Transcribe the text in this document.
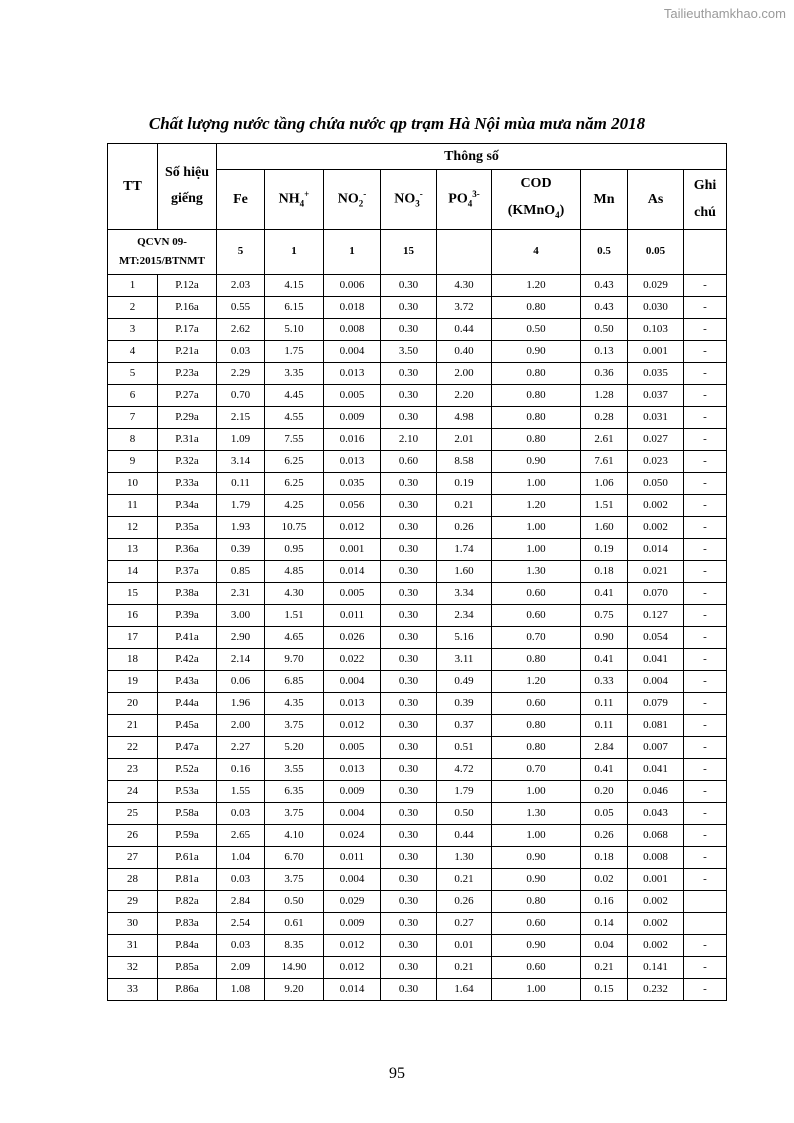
Tailieuthamkhao.com
Chất lượng nước tầng chứa nước qp trạm Hà Nội mùa mưa năm 2018
TT	Số hiệu giếng	Thông số								
		Fe	$NH_4^+$	$NO_2^-$	$NO_3^-$	$PO_4^{3-}$	COD
(KMnO$_4$)	Mn	As	Ghi chú
QCVN 09-MT:2015/BTNMT		5	1	1	15		4	0.5	0.05	
1	P.12a	2.03	4.15	0.006	0.30	4.30	1.20	0.43	0.029	-
2	P.16a	0.55	6.15	0.018	0.30	3.72	0.80	0.43	0.030	-
3	P.17a	2.62	5.10	0.008	0.30	0.44	0.50	0.50	0.103	-
4	P.21a	0.03	1.75	0.004	3.50	0.40	0.90	0.13	0.001	-
5	P.23a	2.29	3.35	0.013	0.30	2.00	0.80	0.36	0.035	-
6	P.27a	0.70	4.45	0.005	0.30	2.20	0.80	1.28	0.037	-
7	P.29a	2.15	4.55	0.009	0.30	4.98	0.80	0.28	0.031	-
8	P.31a	1.09	7.55	0.016	2.10	2.01	0.80	2.61	0.027	-
9	P.32a	3.14	6.25	0.013	0.60	8.58	0.90	7.61	0.023	-
10	P.33a	0.11	6.25	0.035	0.30	0.19	1.00	1.06	0.050	-
11	P.34a	1.79	4.25	0.056	0.30	0.21	1.20	1.51	0.002	-
12	P.35a	1.93	10.75	0.012	0.30	0.26	1.00	1.60	0.002	-
13	P.36a	0.39	0.95	0.001	0.30	1.74	1.00	0.19	0.014	-
14	P.37a	0.85	4.85	0.014	0.30	1.60	1.30	0.18	0.021	-
15	P.38a	2.31	4.30	0.005	0.30	3.34	0.60	0.41	0.070	-
16	P.39a	3.00	1.51	0.011	0.30	2.34	0.60	0.75	0.127	-
17	P.41a	2.90	4.65	0.026	0.30	5.16	0.70	0.90	0.054	-
18	P.42a	2.14	9.70	0.022	0.30	3.11	0.80	0.41	0.041	-
19	P.43a	0.06	6.85	0.004	0.30	0.49	1.20	0.33	0.004	-
20	P.44a	1.96	4.35	0.013	0.30	0.39	0.60	0.11	0.079	-
21	P.45a	2.00	3.75	0.012	0.30	0.37	0.80	0.11	0.081	-
22	P.47a	2.27	5.20	0.005	0.30	0.51	0.80	2.84	0.007	-
23	P.52a	0.16	3.55	0.013	0.30	4.72	0.70	0.41	0.041	-
24	P.53a	1.55	6.35	0.009	0.30	1.79	1.00	0.20	0.046	-
25	P.58a	0.03	3.75	0.004	0.30	0.50	1.30	0.05	0.043	-
26	P.59a	2.65	4.10	0.024	0.30	0.44	1.00	0.26	0.068	-
27	P.61a	1.04	6.70	0.011	0.30	1.30	0.90	0.18	0.008	-
28	P.81a	0.03	3.75	0.004	0.30	0.21	0.90	0.02	0.001	-
29	P.82a	2.84	0.50	0.029	0.30	0.26	0.80	0.16	0.002	
30	P.83a	2.54	0.61	0.009	0.30	0.27	0.60	0.14	0.002	
31	P.84a	0.03	8.35	0.012	0.30	0.01	0.90	0.04	0.002	-
32	P.85a	2.09	14.90	0.012	0.30	0.21	0.60	0.21	0.141	-
33	P.86a	1.08	9.20	0.014	0.30	1.64	1.00	0.15	0.232	-
95
